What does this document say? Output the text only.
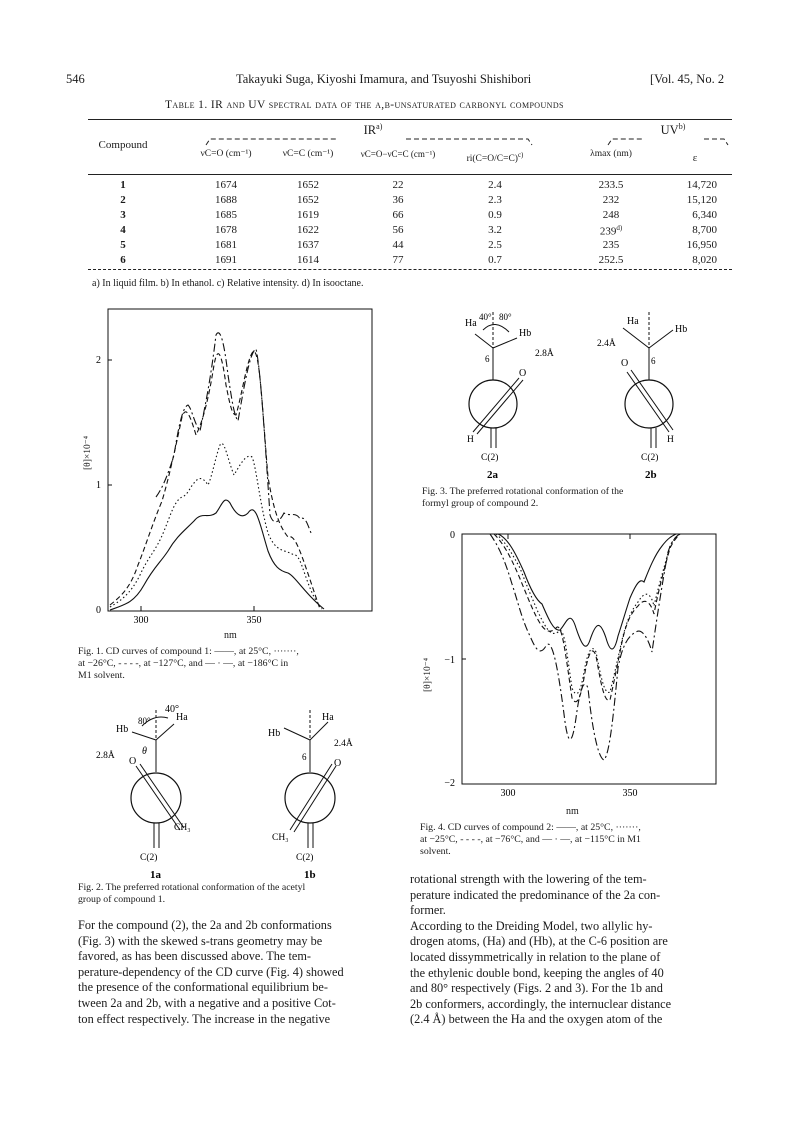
546	Takayuki Suga, Kiyoshi Imamura, and Tsuyoshi Shishibori	[Vol. 45, No. 2
Table 1. IR and UV spectral data of the α,β-unsaturated carbonyl compounds
Compound
IR$^{a)}$	UV$^{b)}$
νC=O (cm⁻¹)	νC=C (cm⁻¹)	νC=O−νC=C (cm⁻¹)
ri(C=O/C=C)$^{c)}$	λmax (nm)	ε
1	1674	1652	22	2.4	233.5	14,720
2	1688	1652	36	2.3	232	15,120
3	1685	1619	66	0.9	248	6,340
4	1678	1622	56	3.2	239$^{d)}$	8,700
5	1681	1637	44	2.5	235	16,950
6	1691	1614	77	0.7	252.5	8,020
a) In liquid film. b) In ethanol. c) Relative intensity. d) In isooctane.
2
1
0
300	350
[θ]×10⁻⁴
nm
Fig. 1. CD curves of compound 1: ——, at 25°C, ·······,
at −26°C, - - - -, at −127°C, and — · —, at −186°C in
M1 solvent.
40°
Ha
Hb
80°
θ
2.8Å O
CH₃
C(2)
1a
Ha
Hb
6
2.4Å
O
CH₃
C(2)
1b
Fig. 2. The preferred rotational conformation of the acetyl
group of compound 1.
Ha
40° 80°
Hb
6	2.8Å
O
H
C(2)
2a
Ha
Hb
6
2.4Å
O
H
C(2)
2b
Fig. 3. The preferred rotational conformation of the
formyl group of compound 2.
0
−1
−2
300	350
[θ]×10⁻⁴
nm
Fig. 4. CD curves of compound 2: ——, at 25°C, ·······,
at −25°C, - - - -, at −76°C, and — · —, at −115°C in M1
solvent.
For the compound (2), the 2a and 2b conformations
(Fig. 3) with the skewed s-trans geometry may be
favored, as has been discussed above. The tem-
perature-dependency of the CD curve (Fig. 4) showed
the presence of the conformational equilibrium be-
tween 2a and 2b, with a negative and a positive Cot-
ton effect respectively. The increase in the negative
rotational strength with the lowering of the tem-
perature indicated the predominance of the 2a con-
former.
According to the Dreiding Model, two allylic hy-
drogen atoms, (Ha) and (Hb), at the C-6 position are
located dissymmetrically in relation to the plane of
the ethylenic double bond, keeping the angles of 40
and 80° respectively (Figs. 2 and 3). For the 1b and
2b conformers, accordingly, the internuclear distance
(2.4 Å) between the Ha and the oxygen atom of the
